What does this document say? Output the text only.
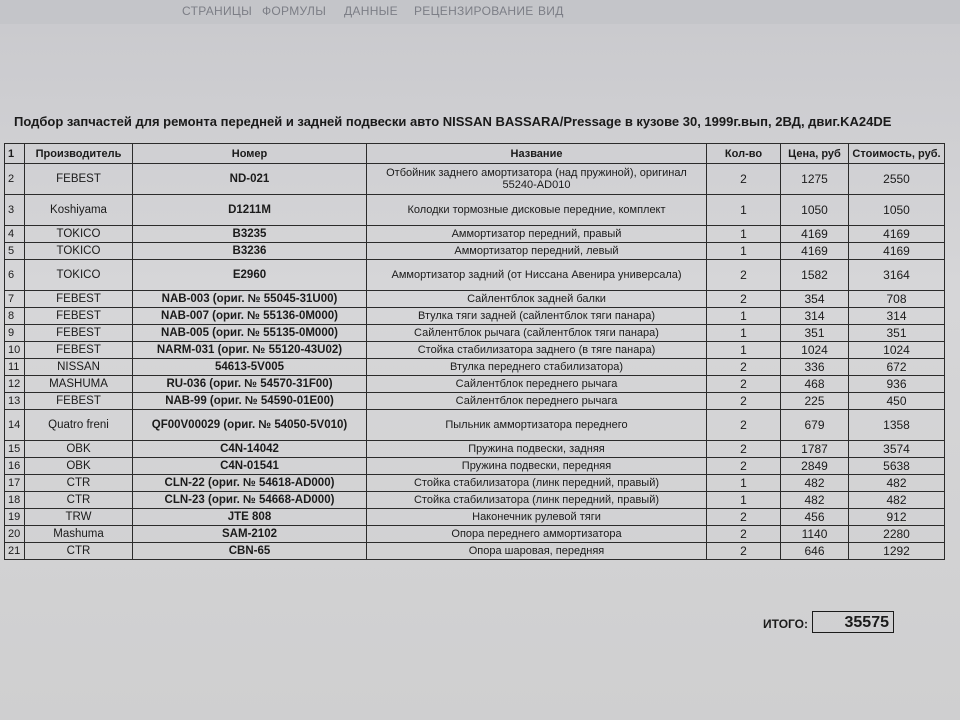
СТРАНИЦЫ ФОРМУЛЫ ДАННЫЕ РЕЦЕНЗИРОВАНИЕ ВИД
Подбор запчастей для ремонта передней и задней подвески авто NISSAN BASSARA/Pressage в кузове 30, 1999г.вып, 2ВД, двиг.KA24DE
1	Производитель	Номер	Название	Кол-во	Цена, руб	Стоимость, руб.
2	FEBEST	ND-021	Отбойник заднего амортизатора (над пружиной), оригинал 55240-AD010	2	1275	2550
3	Koshiyama	D1211M	Колодки тормозные дисковые передние, комплект	1	1050	1050
4	TOKICO	B3235	Аммортизатор передний, правый	1	4169	4169
5	TOKICO	B3236	Аммортизатор передний, левый	1	4169	4169
6	TOKICO	E2960	Аммортизатор задний (от Ниссана Авенира универсала)	2	1582	3164
7	FEBEST	NAB-003 (ориг. № 55045-31U00)	Сайлентблок задней балки	2	354	708
8	FEBEST	NAB-007 (ориг. № 55136-0M000)	Втулка тяги задней (сайлентблок тяги панара)	1	314	314
9	FEBEST	NAB-005 (ориг. № 55135-0M000)	Сайлентблок рычага (сайлентблок тяги панара)	1	351	351
10	FEBEST	NARM-031 (ориг. № 55120-43U02)	Стойка стабилизатора заднего (в тяге панара)	1	1024	1024
11	NISSAN	54613-5V005	Втулка переднего стабилизатора)	2	336	672
12	MASHUMA	RU-036 (ориг. № 54570-31F00)	Сайлентблок переднего рычага	2	468	936
13	FEBEST	NAB-99 (ориг. № 54590-01E00)	Сайлентблок переднего рычага	2	225	450
14	Quatro freni	QF00V00029 (ориг. № 54050-5V010)	Пыльник аммортизатора переднего	2	679	1358
15	OBK	C4N-14042	Пружина подвески, задняя	2	1787	3574
16	OBK	C4N-01541	Пружина подвески, передняя	2	2849	5638
17	CTR	CLN-22 (ориг. № 54618-AD000)	Стойка стабилизатора (линк передний, правый)	1	482	482
18	CTR	CLN-23 (ориг. № 54668-AD000)	Стойка стабилизатора (линк передний, правый)	1	482	482
19	TRW	JTE 808	Наконечник рулевой тяги	2	456	912
20	Mashuma	SAM-2102	Опора переднего аммортизатора	2	1140	2280
21	CTR	CBN-65	Опора шаровая, передняя	2	646	1292
ИТОГО:	35575
